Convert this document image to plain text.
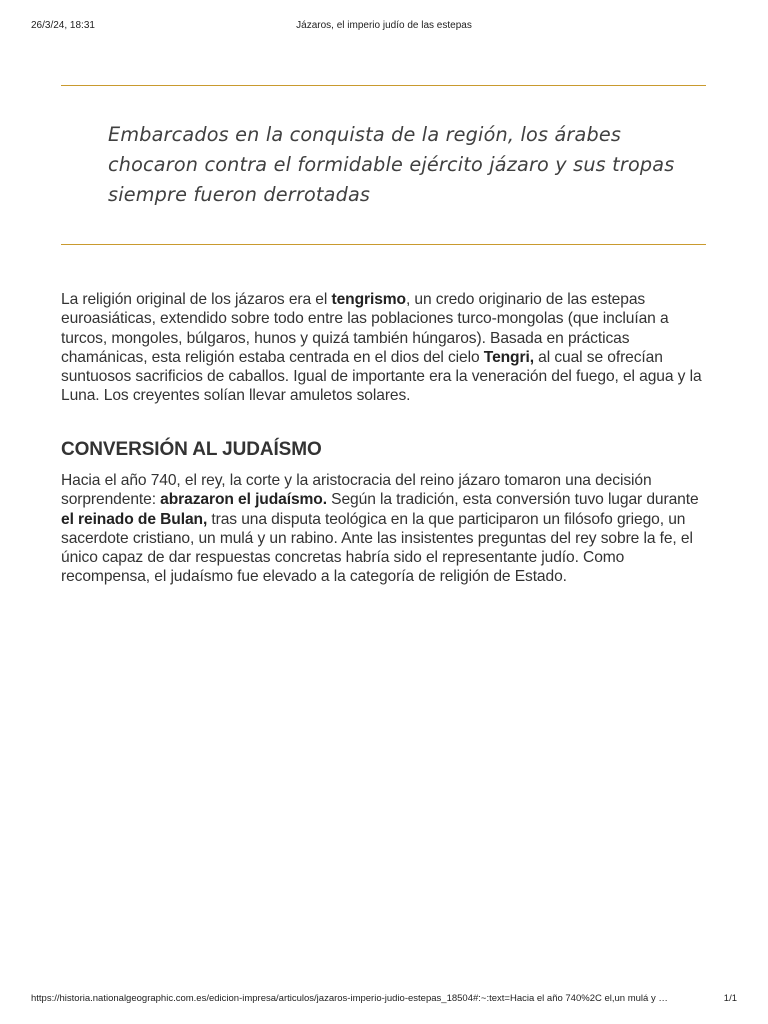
26/3/24, 18:31	Jázaros, el imperio judío de las estepas
Embarcados en la conquista de la región, los árabes chocaron contra el formidable ejército jázaro y sus tropas siempre fueron derrotadas

La religión original de los jázaros era el tengrismo, un credo originario de las estepas euroasiáticas, extendido sobre todo entre las poblaciones turco-mongolas (que incluían a turcos, mongoles, búlgaros, hunos y quizá también húngaros). Basada en prácticas chamánicas, esta religión estaba centrada en el dios del cielo Tengri, al cual se ofrecían suntuosos sacrificios de caballos. Igual de importante era la veneración del fuego, el agua y la Luna. Los creyentes solían llevar amuletos solares.

CONVERSIÓN AL JUDAÍSMO

Hacia el año 740, el rey, la corte y la aristocracia del reino jázaro tomaron una decisión sorprendente: abrazaron el judaísmo. Según la tradición, esta conversión tuvo lugar durante el reinado de Bulan, tras una disputa teológica en la que participaron un filósofo griego, un sacerdote cristiano, un mulá y un rabino. Ante las insistentes preguntas del rey sobre la fe, el único capaz de dar respuestas concretas habría sido el representante judío. Como recompensa, el judaísmo fue elevado a la categoría de religión de Estado.

https://historia.nationalgeographic.com.es/edicion-impresa/articulos/jazaros-imperio-judio-estepas_18504#:~:text=Hacia el año 740%2C el,un mulá y …	1/1
